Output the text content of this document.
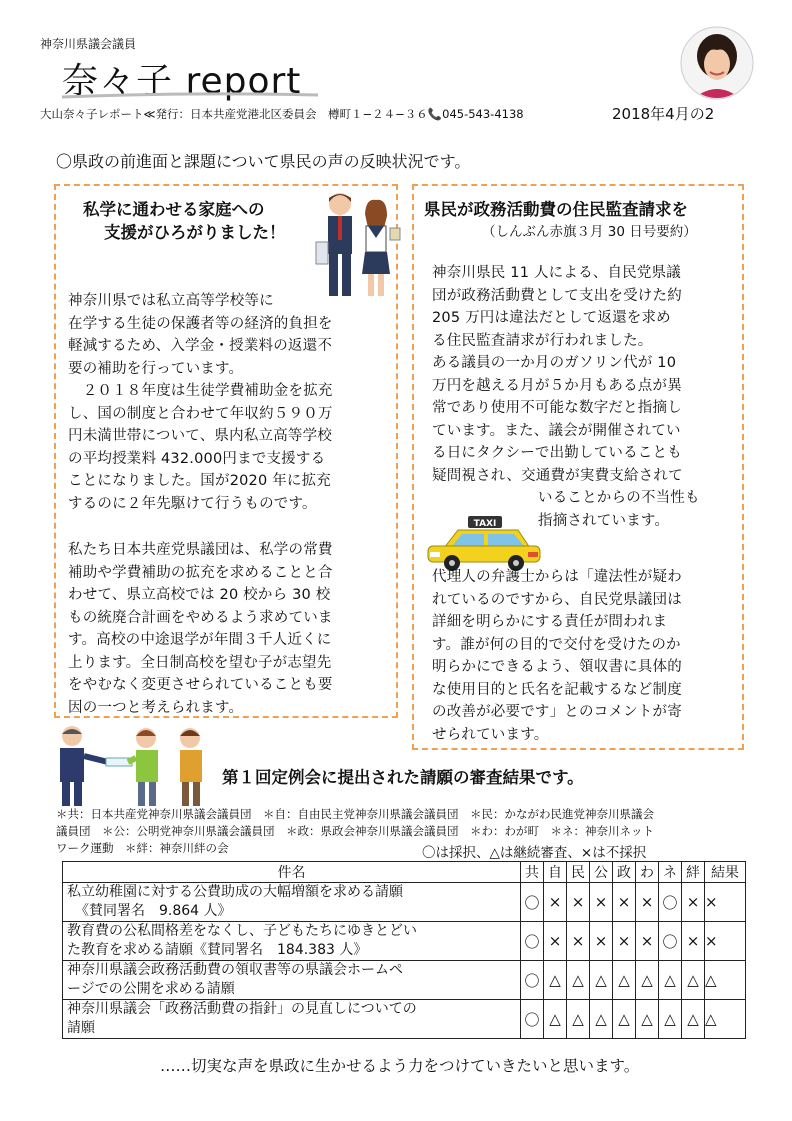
神奈川県議会議員
奈々子 report
大山奈々子レポート≪発行：日本共産党港北区委員会　樽町１−２４−３６📞045-543-4138	2018年4月の2
〇県政の前進面と課題について県民の声の反映状況です。
私学に通わせる家庭への
支援がひろがりました！
神奈川県では私立高等学校等に
在学する生徒の保護者等の経済的負担を
軽減するため、入学金・授業料の返還不
要の補助を行っています。
　２０１８年度は生徒学費補助金を拡充
し、国の制度と合わせて年収約５９０万
円未満世帯について、県内私立高等学校
の平均授業料 432.000円まで支援する
ことになりました。国が2020 年に拡充
するのに２年先駆けて行うものです。
私たち日本共産党県議団は、私学の常費
補助や学費補助の拡充を求めることと合
わせて、県立高校では 20 校から 30 校
もの統廃合計画をやめるよう求めていま
す。高校の中途退学が年間３千人近くに
上ります。全日制高校を望む子が志望先
をやむなく変更させられていることも要
因の一つと考えられます。
県民が政務活動費の住民監査請求を
（しんぶん赤旗３月 30 日号要約）
神奈川県民 11 人による、自民党県議
団が政務活動費として支出を受けた約
205 万円は違法だとして返還を求め
る住民監査請求が行われました。
ある議員の一か月のガソリン代が 10
万円を越える月が５か月もある点が異
常であり使用不可能な数字だと指摘し
ています。また、議会が開催されてい
る日にタクシーで出勤していることも
疑問視され、交通費が実費支給されて
いることからの不当性も
指摘されています。
TAXI
代理人の弁護士からは「違法性が疑わ
れているのですから、自民党県議団は
詳細を明らかにする責任が問われま
す。誰が何の目的で交付を受けたのか
明らかにできるよう、領収書に具体的
な使用目的と氏名を記載するなど制度
の改善が必要です」とのコメントが寄
せられています。
第１回定例会に提出された請願の審査結果です。
＊共：日本共産党神奈川県議会議員団　＊自：自由民主党神奈川県議会議員団　＊民：かながわ民進党神奈川県議会
議員団　＊公：公明党神奈川県議会議員団　＊政：県政会神奈川県議会議員団　＊わ：わが町　＊ネ：神奈川ネット
ワーク運動　＊絆：神奈川絆の会	〇は採択、△は継続審査、×は不採択
件名	共	自	民	公	政	わ	ネ	絆	結果

私立幼稚園に対する公費助成の大幅増額を求める請願
《賛同署名　9.864 人》	〇	×	×	×	×	×	〇	×	×

教育費の公私間格差をなくし、子どもたちにゆきとどい
た教育を求める請願《賛同署名　184.383 人》	〇	×	×	×	×	×	〇	×	×

神奈川県議会政務活動費の領収書等の県議会ホームペ
ージでの公開を求める請願	〇	△	△	△	△	△	△	△	△

神奈川県議会「政務活動費の指針」の見直しについての
請願	〇	△	△	△	△	△	△	△	△
……切実な声を県政に生かせるよう力をつけていきたいと思います。
